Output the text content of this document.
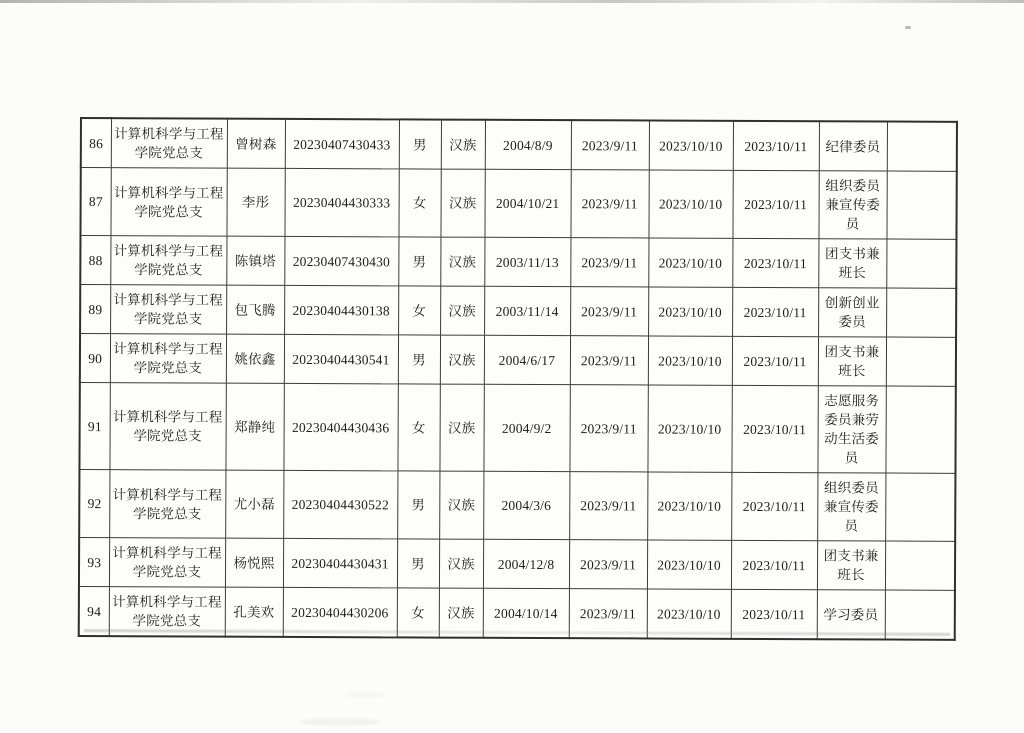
86	计算机科学与工程学院党总支	曾树森	20230407430433	男	汉族	2004/8/9	2023/9/11	2023/10/10	2023/10/11	纪律委员	
87	计算机科学与工程学院党总支	李彤	20230404430333	女	汉族	2004/10/21	2023/9/11	2023/10/10	2023/10/11	组织委员兼宣传委员	
88	计算机科学与工程学院党总支	陈镇塔	20230407430430	男	汉族	2003/11/13	2023/9/11	2023/10/10	2023/10/11	团支书兼班长	
89	计算机科学与工程学院党总支	包飞腾	20230404430138	女	汉族	2003/11/14	2023/9/11	2023/10/10	2023/10/11	创新创业委员	
90	计算机科学与工程学院党总支	姚依鑫	20230404430541	男	汉族	2004/6/17	2023/9/11	2023/10/10	2023/10/11	团支书兼班长	
91	计算机科学与工程学院党总支	郑静纯	20230404430436	女	汉族	2004/9/2	2023/9/11	2023/10/10	2023/10/11	志愿服务委员兼劳动生活委员	
92	计算机科学与工程学院党总支	尤小磊	20230404430522	男	汉族	2004/3/6	2023/9/11	2023/10/10	2023/10/11	组织委员兼宣传委员	
93	计算机科学与工程学院党总支	杨悦熙	20230404430431	男	汉族	2004/12/8	2023/9/11	2023/10/10	2023/10/11	团支书兼班长	
94	计算机科学与工程学院党总支	孔美欢	20230404430206	女	汉族	2004/10/14	2023/9/11	2023/10/10	2023/10/11	学习委员	
